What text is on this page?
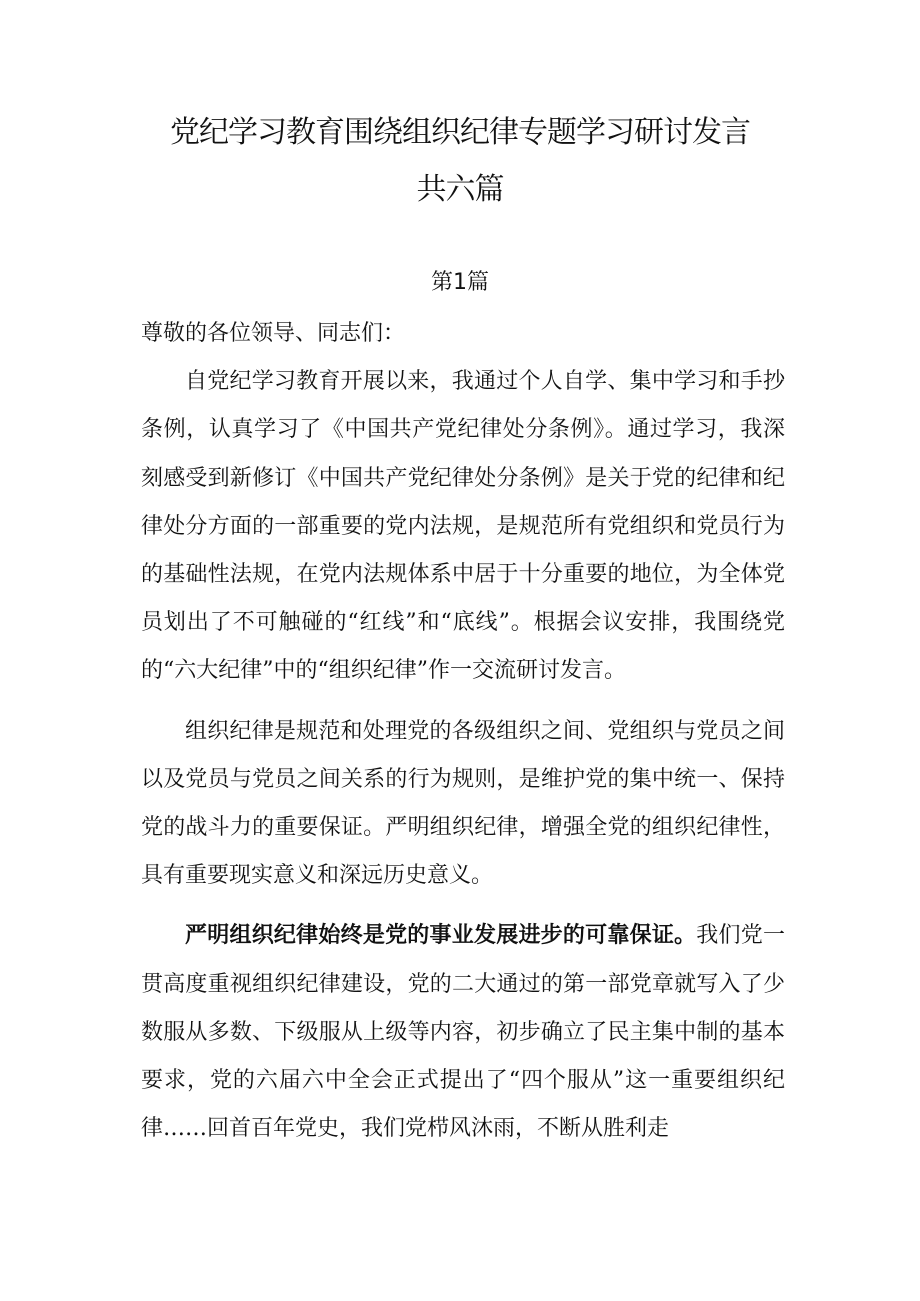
党纪学习教育围绕组织纪律专题学习研讨发言
共六篇
第1篇

尊敬的各位领导、同志们：

自党纪学习教育开展以来，我通过个人自学、集中学习和手抄条例，认真学习了《中国共产党纪律处分条例》。通过学习，我深刻感受到新修订《中国共产党纪律处分条例》是关于党的纪律和纪律处分方面的一部重要的党内法规，是规范所有党组织和党员行为的基础性法规，在党内法规体系中居于十分重要的地位，为全体党员划出了不可触碰的“红线”和“底线”。根据会议安排，我围绕党的“六大纪律”中的“组织纪律”作一交流研讨发言。

组织纪律是规范和处理党的各级组织之间、党组织与党员之间以及党员与党员之间关系的行为规则，是维护党的集中统一、保持党的战斗力的重要保证。严明组织纪律，增强全党的组织纪律性，具有重要现实意义和深远历史意义。

严明组织纪律始终是党的事业发展进步的可靠保证。我们党一贯高度重视组织纪律建设，党的二大通过的第一部党章就写入了少数服从多数、下级服从上级等内容，初步确立了民主集中制的基本要求，党的六届六中全会正式提出了“四个服从”这一重要组织纪律……回首百年党史，我们党栉风沐雨，不断从胜利走
